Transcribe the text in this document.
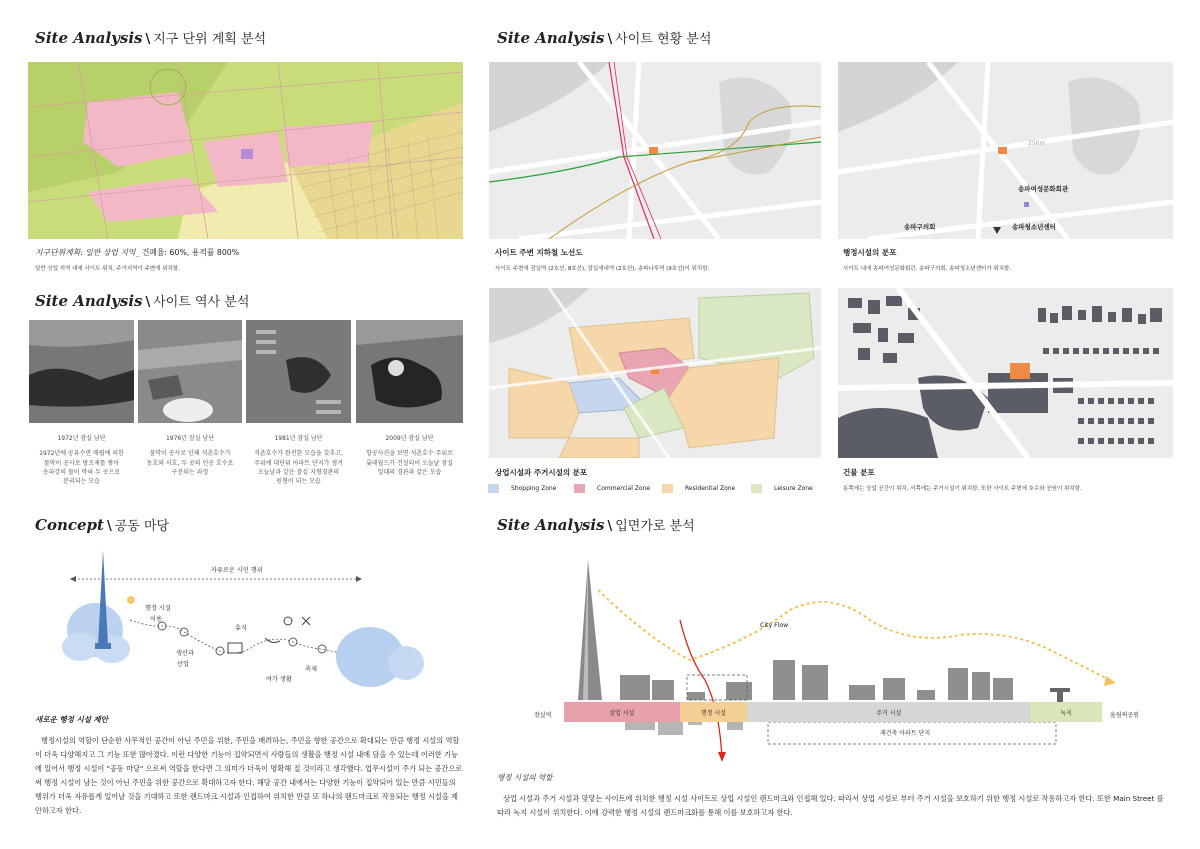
Site Analysis \ 지구 단위 계획 분석
지구단위계획: 일반 상업 지역_ 건폐율: 60%, 용적률 800%
일반 상업 지역 내에 사이트 위치, 주거지역이 주변에 위치함.
Site Analysis \ 사이트 현황 분석
사이트 주변 지하철 노선도
사이트 주변에 잠실역 (2호선, 8호선), 잠실새내역 (2호선), 송파나루역 (9호선)이 위치함.
송파여성문화회관
송파구의회	송파청소년센터
250m
행정시설의 분포
사이트 내에 송파여성문화회관, 송파구의회, 송파청소년센터가 위치함.
상업시설과 주거시설의 분포
Shopping Zone	Commercial Zone	Residential Zone	Leisure Zone
건물 분포
동쪽에는 상업 공간이 위치, 서쪽에는 주거시설이 위치함. 또한 사이트 주변에 호수와 공원이 위치함.
Site Analysis \ 사이트 역사 분석
1972년 잠실 남단
1972년에 공유수면 매립에 의한
물막이 공사로 방조제를 쌓아
송파강의 물이 막혀 두 곳으로
분리되는 모습
1976년 잠실 남단
물막이 공사로 인해 석촌호수가
동호와 서호, 두 곳의 인공 호수로
구분되는 과정
1981년 잠실 남단
석촌호수가 완전한 모습을 갖추고,
주위에 대단위 아파트 단지가 생겨
오늘날과 같은 잠실 지형경관의
원형이 되는 모습
2009년 잠실 남단
항공사진을 보면 석촌호수 주위로
롯데월드가 건설되어 오늘날 잠실
일대의 경관과 같은 모습
Concept \ 공동 마당
자유로운 시민 행위
행정 시설
이용
휴식
생산과
산업
여가 생활
축제
새로운 행정 시설 제안
행정시설의 역할이 단순한 사무적인 공간이 아닌 주민을 위한, 주민을 배려하는, 주민을 향한 공간으로 확대되는 만큼 행정 시설의 역할이 더욱 다양해지고 그 기능 또한 많아졌다. 이런 다양한 기능이 집약되면서 사람들의 생활을 행정 시설 내에 담을 수 있는데 이러한 기능에 있어서 행정 시설이 "공동 마당" 으로써 역할을 한다면 그 의미가 더욱이 명확해 질 것이라고 생각했다. 업무시설이 주가 되는 공간으로써 행정 시설이 남는 것이 아닌 주민을 위한 공간으로 확대하고자 한다. 해당 공간 내에서는 다양한 기능이 집약되어 있는 만큼 시민들의 행위가 더욱 자유롭게 일어날 것을 기대하고 또한 랜드마크 시설과 인접하여 위치한 만큼 또 하나의 랜드마크로 작용되는 행정 시설을 제안하고자 한다.
Site Analysis \ 입면가로 분석
City Flow
잠실역	올림픽공원
재건축 아파트 단지
상업 시설	행정 시설	주거 시설	녹지
행정 시설의 역할
상업 시설과 주거 시설과 맞닿는 사이트에 위치한 행정 시설 사이트로 상업 시설인 랜드마크와 인접해 있다. 따라서 상업 시설로 부터 주거 시설을 보호하기 위한 행정 시설로 작용하고자 한다. 또한 Main Street 를 따라 녹지 시설이 위치한다. 이에 강력한 행정 시설의 랜드마크화를 통해 이를 보호하고자 한다.
